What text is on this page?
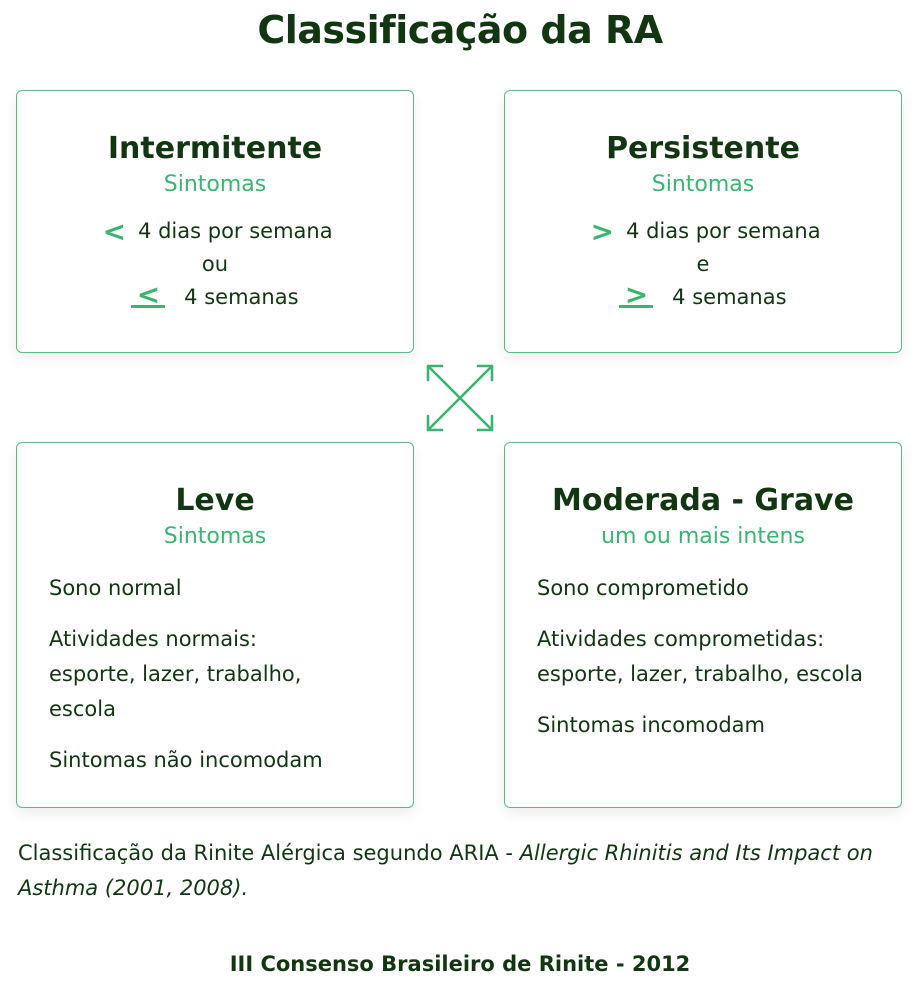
Classificação da RA
Intermitente
Sintomas
< 4 dias por semana
ou
< 4 semanas
Persistente
Sintomas
> 4 dias por semana
e
> 4 semanas
Leve
Sintomas
Sono normal
Atividades normais: esporte, lazer, trabalho, escola
Sintomas não incomodam
Moderada - Grave
um ou mais intens
Sono comprometido
Atividades comprometidas: esporte, lazer, trabalho, escola
Sintomas incomodam
Classificação da Rinite Alérgica segundo ARIA - Allergic Rhinitis and Its Impact on Asthma (2001, 2008).
III Consenso Brasileiro de Rinite - 2012
